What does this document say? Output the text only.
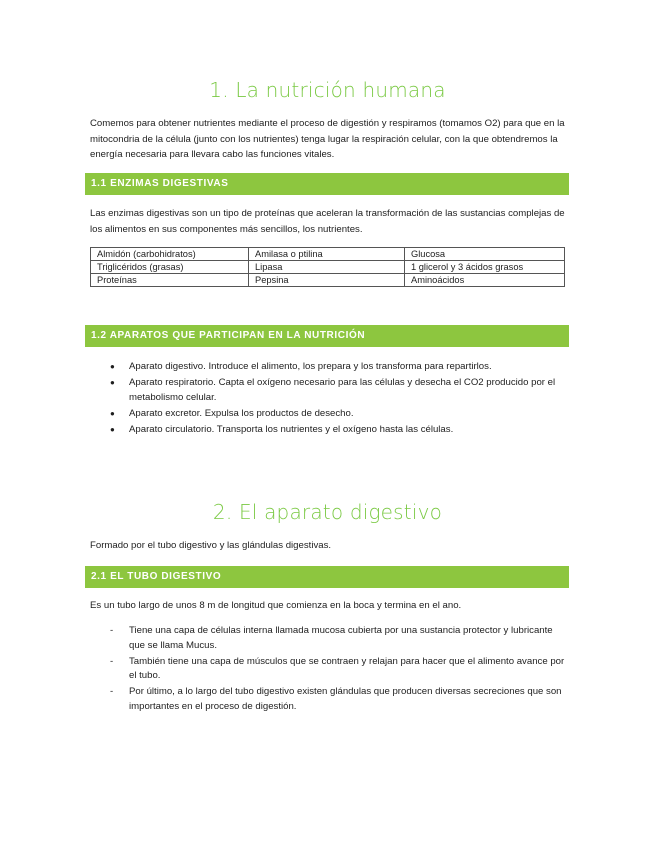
1. La nutrición humana
Comemos para obtener nutrientes mediante el proceso de digestión y respiramos (tomamos O2) para que en la mitocondria de la célula (junto con los nutrientes) tenga lugar la respiración celular, con la que obtendremos la energía necesaria para llevara cabo las funciones vitales.
1.1 ENZIMAS DIGESTIVAS
Las enzimas digestivas son un tipo de proteínas que aceleran la transformación de las sustancias complejas de los alimentos en sus componentes más sencillos, los nutrientes.
Almidón (carbohidratos)	Amilasa o ptilina	Glucosa
Triglicéridos (grasas)	Lipasa	1 glicerol y 3 ácidos grasos
Proteínas	Pepsina	Aminoácidos
1.2 APARATOS QUE PARTICIPAN EN LA NUTRICIÓN
● Aparato digestivo. Introduce el alimento, los prepara y los transforma para repartirlos.
● Aparato respiratorio. Capta el oxígeno necesario para las células y desecha el CO2 producido por el metabolismo celular.
● Aparato excretor. Expulsa los productos de desecho.
● Aparato circulatorio. Transporta los nutrientes y el oxígeno hasta las células.
2. El aparato digestivo
Formado por el tubo digestivo y las glándulas digestivas.
2.1 EL TUBO DIGESTIVO
Es un tubo largo de unos 8 m de longitud que comienza en la boca y termina en el ano.
- Tiene una capa de células interna llamada mucosa cubierta por una sustancia protector y lubricante que se llama Mucus.
- También tiene una capa de músculos que se contraen y relajan para hacer que el alimento avance por el tubo.
- Por último, a lo largo del tubo digestivo existen glándulas que producen diversas secreciones que son importantes en el proceso de digestión.
